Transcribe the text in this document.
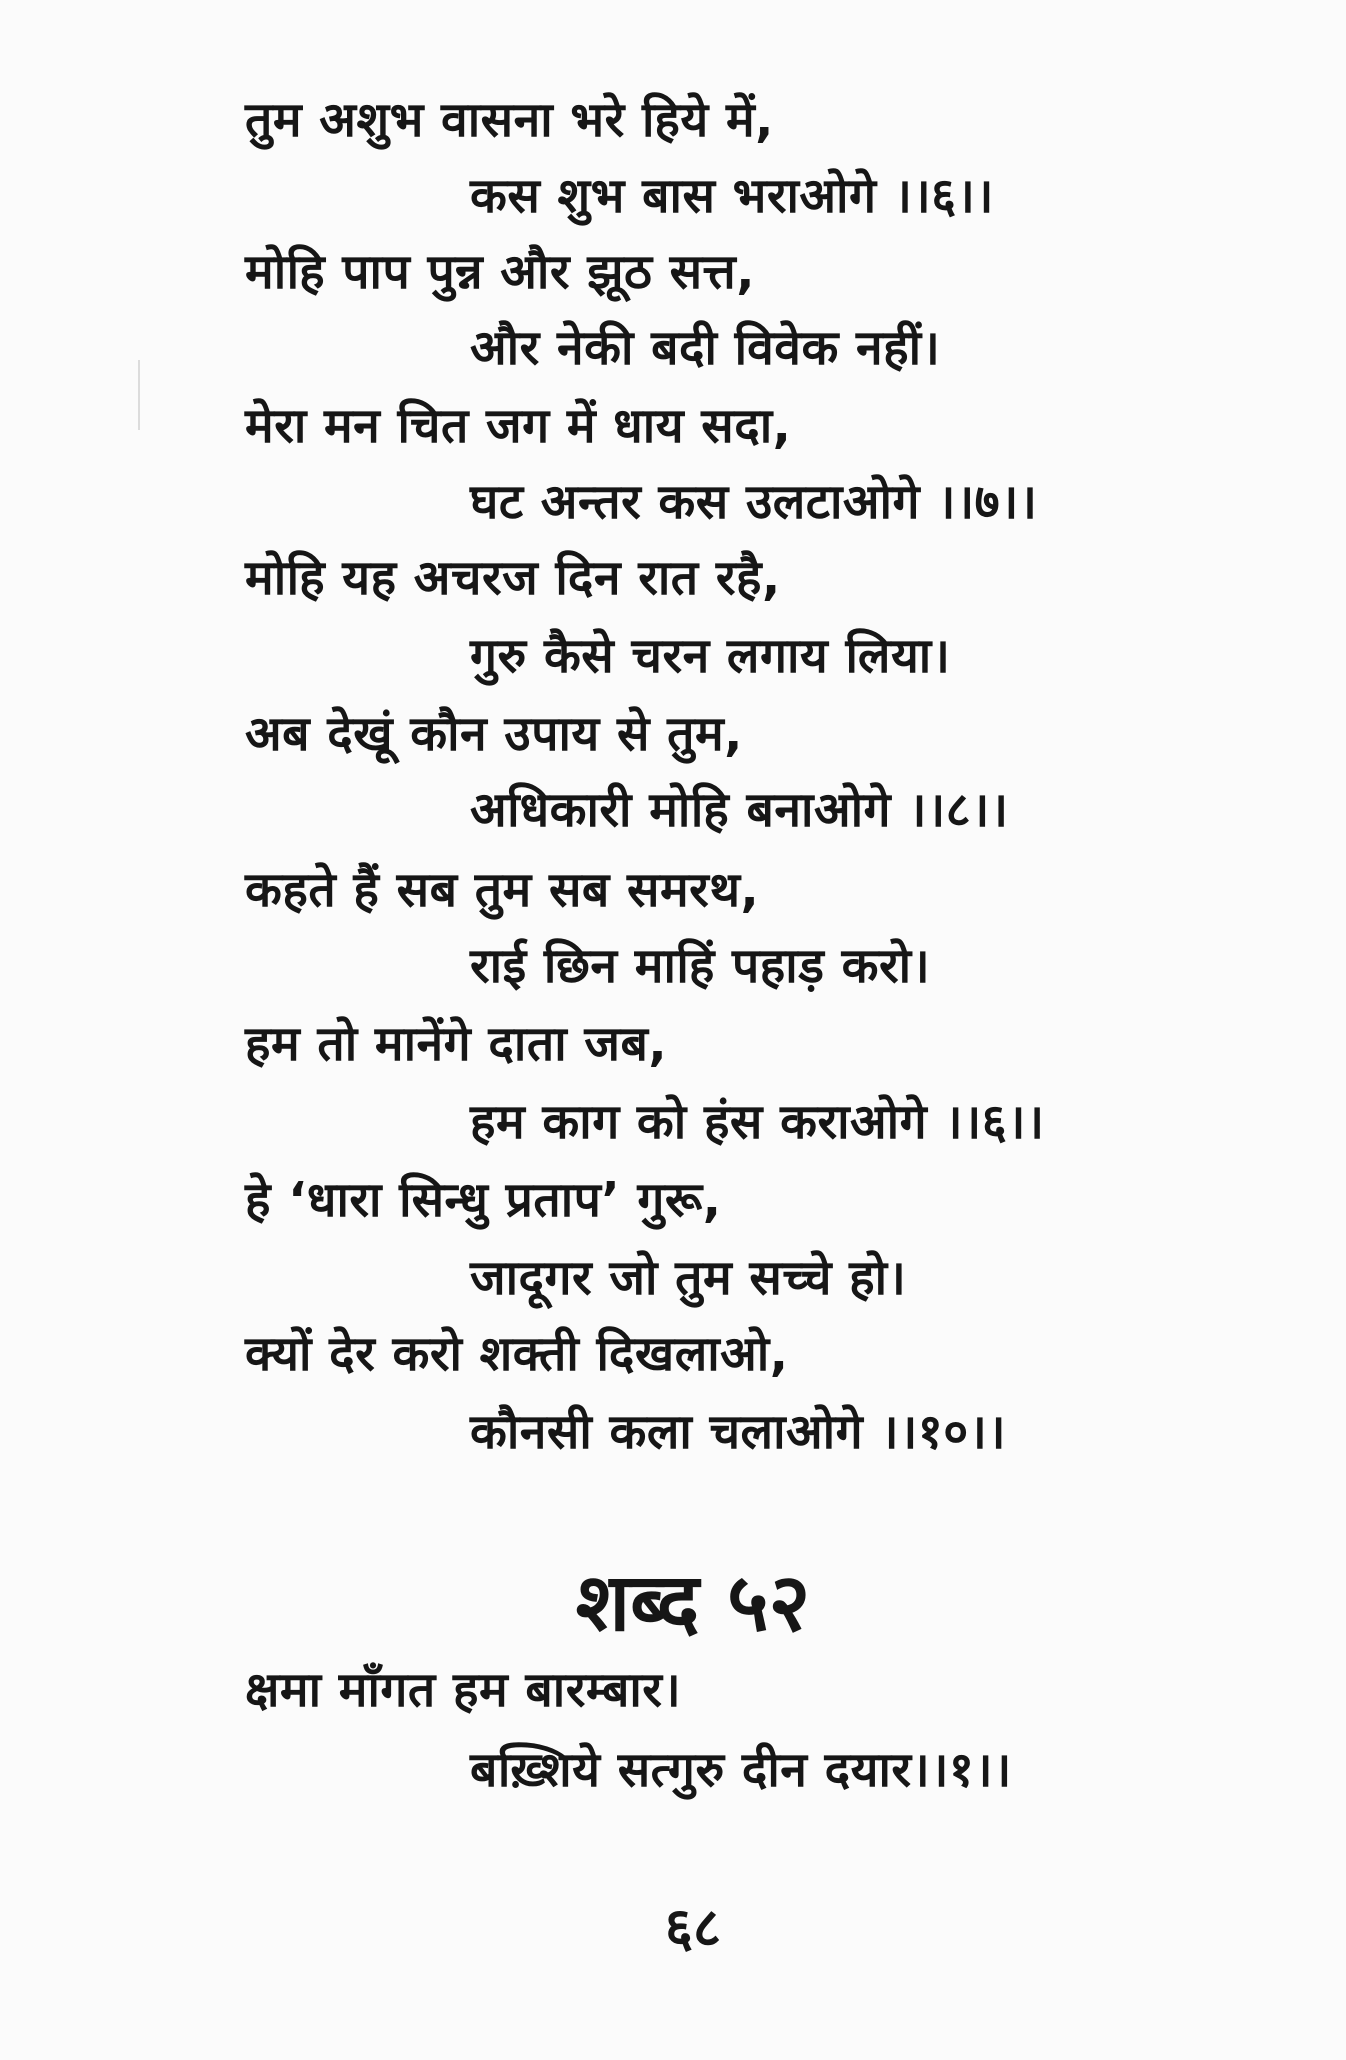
तुम अशुभ वासना भरे हिये में,
कस शुभ बास भराओगे ।।६।।
मोहि पाप पुन्न और झूठ सत्त,
और नेकी बदी विवेक नहीं।
मेरा मन चित जग में धाय सदा,
घट अन्तर कस उलटाओगे ।।७।।
मोहि यह अचरज दिन रात रहै,
गुरु कैसे चरन लगाय लिया।
अब देखूं कौन उपाय से तुम,
अधिकारी मोहि बनाओगे ।।८।।
कहते हैं सब तुम सब समरथ,
राई छिन माहिं पहाड़ करो।
हम तो मानेंगे दाता जब,
हम काग को हंस कराओगे ।।६।।
हे ‘धारा सिन्धु प्रताप’ गुरू,
जादूगर जो तुम सच्चे हो।
क्यों देर करो शक्ती दिखलाओ,
कौनसी कला चलाओगे ।।१०।।
शब्द ५२
क्षमा माँगत हम बारम्बार।
बख़्शिये सत्गुरु दीन दयार।।१।।
६८
